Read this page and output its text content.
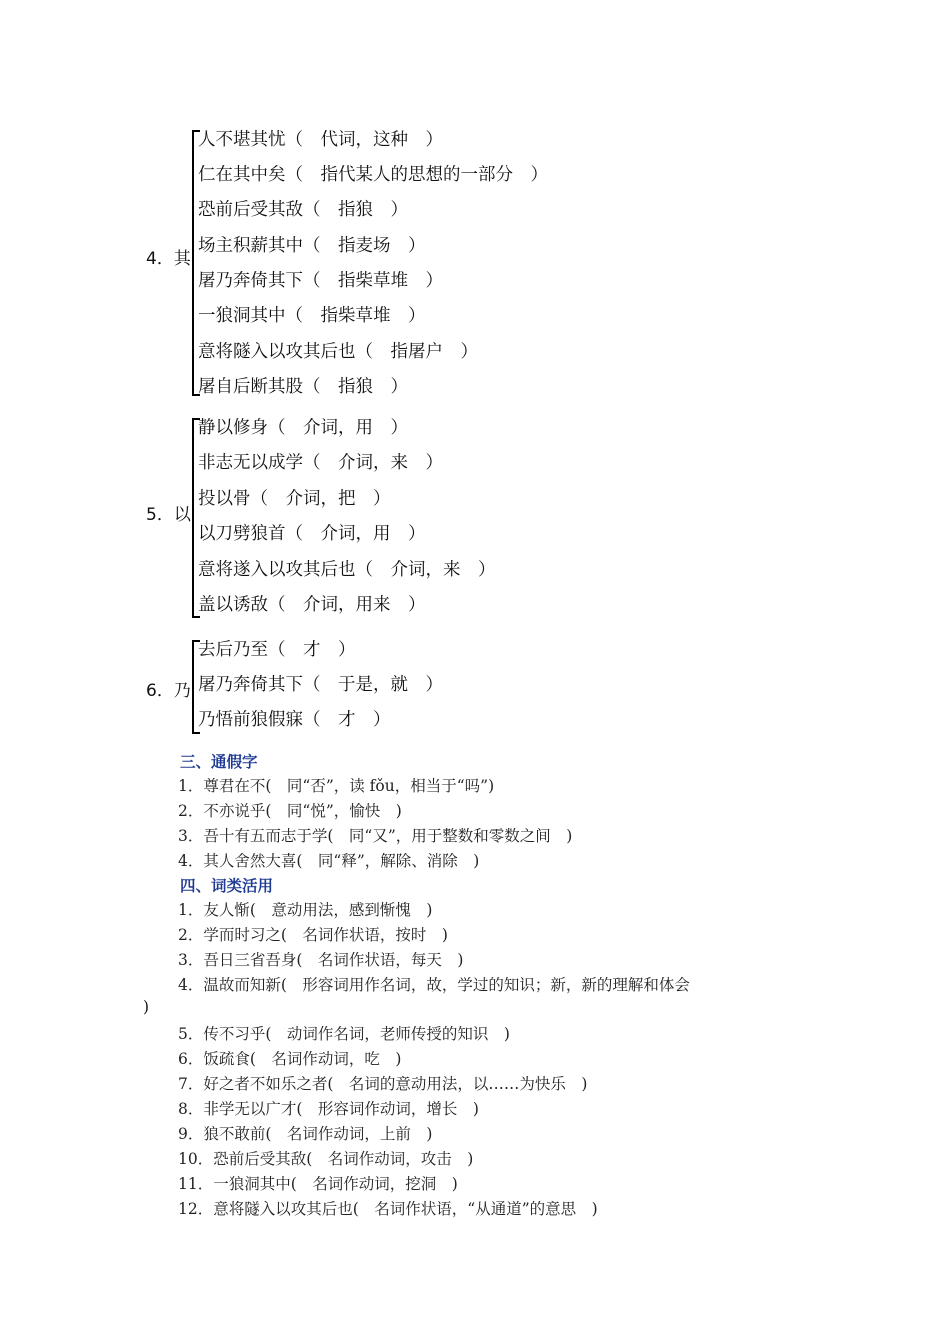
4．其
人不堪其忧（　代词，这种　）
仁在其中矣（　指代某人的思想的一部分　）
恐前后受其敌（　指狼　）
场主积薪其中（　指麦场　）
屠乃奔倚其下（　指柴草堆　）
一狼洞其中（　指柴草堆　）
意将隧入以攻其后也（　指屠户　）
屠自后断其股（　指狼　）
5．以
静以修身（　介词，用　）
非志无以成学（　介词，来　）
投以骨（　介词，把　）
以刀劈狼首（　介词，用　）
意将遂入以攻其后也（　介词，来　）
盖以诱敌（　介词，用来　）
6．乃
去后乃至（　才　）
屠乃奔倚其下（　于是，就　）
乃悟前狼假寐（　才　）
三、通假字
1．尊君在不(　同“否”，读 fǒu，相当于“吗”)
2．不亦说乎(　同“悦”，愉快　)
3．吾十有五而志于学(　同“又”，用于整数和零数之间　)
4．其人舍然大喜(　同“释”，解除、消除　)
四、词类活用
1．友人惭(　意动用法，感到惭愧　)
2．学而时习之(　名词作状语，按时　)
3．吾日三省吾身(　名词作状语，每天　)
4．温故而知新(　形容词用作名词，故，学过的知识；新，新的理解和体会
)
5．传不习乎(　动词作名词，老师传授的知识　)
6．饭疏食(　名词作动词，吃　)
7．好之者不如乐之者(　名词的意动用法，以……为快乐　)
8．非学无以广才(　形容词作动词，增长　)
9．狼不敢前(　名词作动词，上前　)
10．恐前后受其敌(　名词作动词，攻击　)
11．一狼洞其中(　名词作动词，挖洞　)
12．意将隧入以攻其后也(　名词作状语，“从通道”的意思　)
